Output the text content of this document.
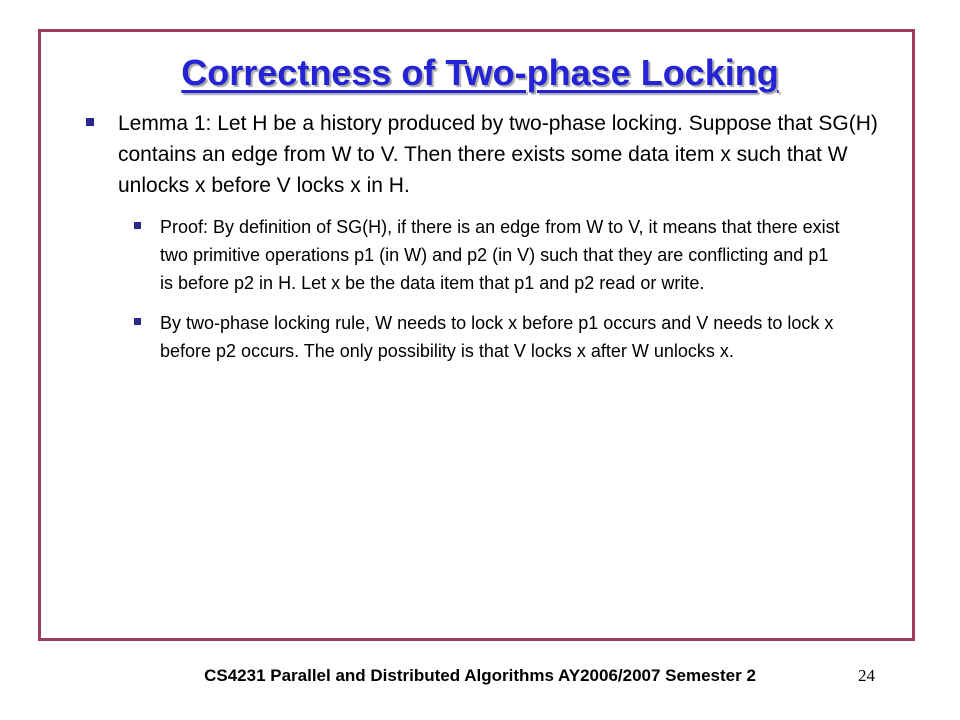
Correctness of Two-phase Locking
Lemma 1: Let H be a history produced by two-phase locking. Suppose that SG(H) contains an edge from W to V. Then there exists some data item x such that W unlocks x before V locks x in H.
Proof: By definition of SG(H), if there is an edge from W to V, it means that there exist two primitive operations p1 (in W) and p2 (in V) such that they are conflicting and p1 is before p2 in H. Let x be the data item that p1 and p2 read or write.
By two-phase locking rule, W needs to lock x before p1 occurs and V needs to lock x before p2 occurs. The only possibility is that V locks x after W unlocks x.
CS4231 Parallel and Distributed Algorithms AY2006/2007 Semester 2	24
